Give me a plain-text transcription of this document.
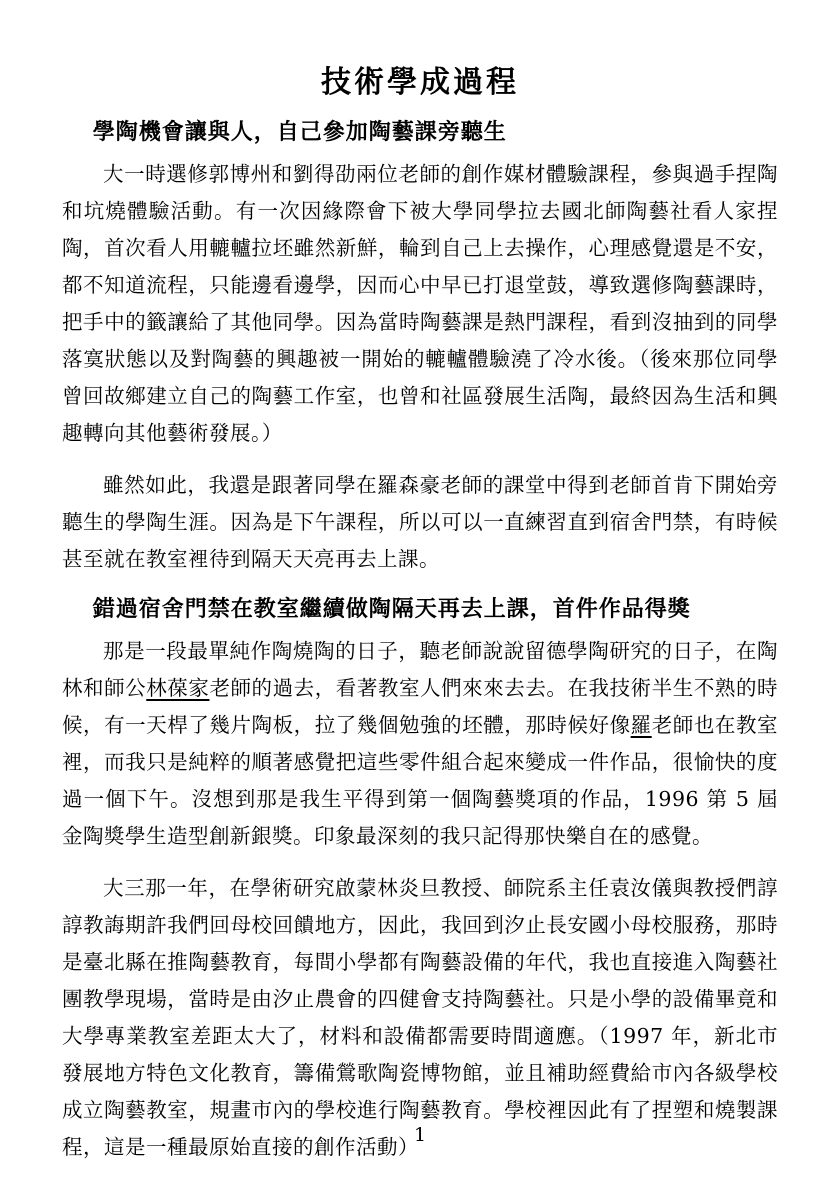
技術學成過程
學陶機會讓與人，自己參加陶藝課旁聽生

大一時選修郭博州和劉得劭兩位老師的創作媒材體驗課程，參與過手捏陶和坑燒體驗活動。有一次因緣際會下被大學同學拉去國北師陶藝社看人家捏陶，首次看人用轆轤拉坯雖然新鮮，輪到自己上去操作，心理感覺還是不安，都不知道流程，只能邊看邊學，因而心中早已打退堂鼓，導致選修陶藝課時，把手中的籤讓給了其他同學。因為當時陶藝課是熱門課程，看到沒抽到的同學落寞狀態以及對陶藝的興趣被一開始的轆轤體驗澆了冷水後。（後來那位同學曾回故鄉建立自己的陶藝工作室，也曾和社區發展生活陶，最終因為生活和興趣轉向其他藝術發展。）

雖然如此，我還是跟著同學在羅森豪老師的課堂中得到老師首肯下開始旁聽生的學陶生涯。因為是下午課程，所以可以一直練習直到宿舍門禁，有時候甚至就在教室裡待到隔天天亮再去上課。

錯過宿舍門禁在教室繼續做陶隔天再去上課，首件作品得獎

那是一段最單純作陶燒陶的日子，聽老師說說留德學陶研究的日子，在陶林和師公林葆家老師的過去，看著教室人們來來去去。在我技術半生不熟的時候，有一天桿了幾片陶板，拉了幾個勉強的坯體，那時候好像羅老師也在教室裡，而我只是純粹的順著感覺把這些零件組合起來變成一件作品，很愉快的度過一個下午。沒想到那是我生平得到第一個陶藝獎項的作品，1996 第 5 屆金陶獎學生造型創新銀獎。印象最深刻的我只記得那快樂自在的感覺。

大三那一年，在學術研究啟蒙林炎旦教授、師院系主任袁汝儀與教授們諄諄教誨期許我們回母校回饋地方，因此，我回到汐止長安國小母校服務，那時是臺北縣在推陶藝教育，每間小學都有陶藝設備的年代，我也直接進入陶藝社團教學現場，當時是由汐止農會的四健會支持陶藝社。只是小學的設備畢竟和大學專業教室差距太大了，材料和設備都需要時間適應。（1997 年，新北市發展地方特色文化教育，籌備鶯歌陶瓷博物館，並且補助經費給市內各級學校成立陶藝教室，規畫市內的學校進行陶藝教育。學校裡因此有了捏塑和燒製課程，這是一種最原始直接的創作活動）

1
